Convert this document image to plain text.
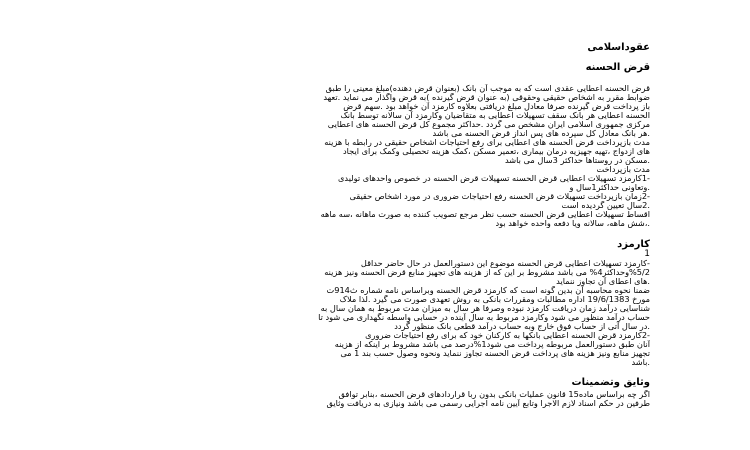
عقوداسلامی
قرض الحسنه
قرض الحسنه اعطایی عقدی است که به موجب آن بانک (بعنوان قرض دهنده)مبلغ معینی را طبق
ضوابط مقرر به اشخاص حقیقی وحقوقی (به عنوان قرض گیرنده )به قرض واگذار می نماید .تعهد
باز پرداخت قرض گیرنده صرفا معادل مبلغ دریافتی بعلاوه کارمزد آن خواهد بود .سهم قرض
الحسنه اعطایی هر بانک سقف تسهیلات اعطایی به متقاضیان وکارمزد آن سالانه توسط بانک
مرکزی جمهوری اسلامی ایران مشخص می گردد .حداکثر مجموع کل قرض الحسنه های اعطایی
.هر بانک معادل کل سپرده های پس انداز قرض الحسنه می باشد
مدت بازپرداخت قرض الحسنه های اعطایی برای رفع احتیاجات اشخاص حقیقی در رابطه با هزینه
های ازدواج ،تهیه جهیزیه درمان بیماری ،تعمیر مسکن ،کمک هزینه تحصیلی وکمک برای ایجاد
.مسکن در روستاها حداکثر 3سال می باشد
مدت بازپرداخت
-1کارمزد تسهیلات اعطایی قرض الحسنه تسهیلات قرض الحسنه در خصوص واحدهای تولیدی
.وتعاونی حداکثر1سال و
-2زمان بازپرداخت تسهیلات قرض الحسنه رفع احتیاجات ضروری در مورد اشخاص حقیقی
.2سال تعیین گردیده است
اقساط تسهیلات اعطایی قرض الحسنه حسب نظر مرجع تصویب کننده به صورت ماهانه ،سه ماهه
.،شش ماهه، سالانه ویا دفعه واحده خواهد بود
کارمزد
1
-کارمزد تسهیلات اعطایی قرض الحسنه موضوع این دستورالعمل در حال حاضر حداقل
%5/2وحداکثر4% می باشد مشروط بر این که از هزینه های تجهیز منابع قرض الحسنه ونیز هزینه
.های اعطای آن تجاوز ننماید
ضمنا نحوه محاسبه آن بدین گونه است که کارمزد قرض الحسنه وبراساس نامه شماره ث914ت
مورخ 19/6/1383 اداره مطالبات ومقررات بانکی به روش تعهدی صورت می گیرد .لذا ملاک
شناسایی درآمد زمان دریافت کارمزد نبوده وصرفا هر سال به میزان مدت مربوط به همان سال به
حساب درآمد منظور می شود وکارمزد مربوط به سال آینده در حسابی واسطه نگهداری می شود تا
.در سال آتی از حساب فوق خارج وبه حساب درآمد قطعی بانک منظور گردد
-2کارمزد قرض الحسنه اعطایی بانکها به کارکنان خود که برای رفع احتیاجات ضروری
آنان طبق دستورالعمل مربوطه پرداخت می شود1%درصد می باشد مشروط بر اینکه از هزینه
تجهیز منابع ونیز هزینه های پرداخت قرض الحسنه تجاوز ننماید ونحوه وصول حسب بند 1 می
.باشد
وثایق وتضمینات
اگر چه براساس ماده15 قانون عملیات بانکی بدون ربا قراردادهای قرض الحسنه ،بنابر توافق
طرفین در حکم اسناد لازم الاجرا وتابع آیین نامه اجرایی رسمی می باشد ونیازی به دریافت وثایق
